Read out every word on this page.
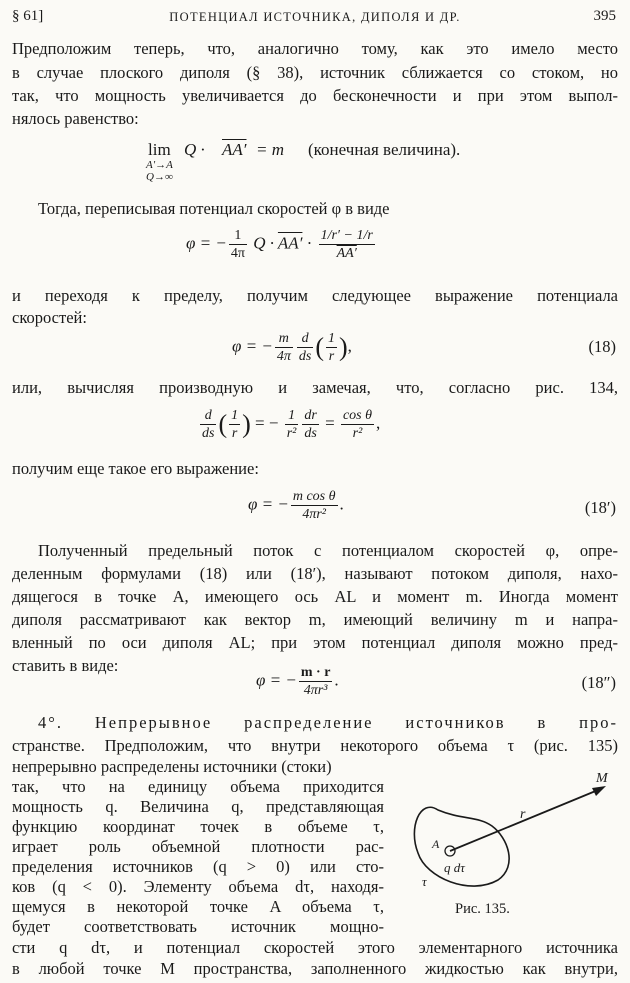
§ 61]	ПОТЕНЦИАЛ ИСТОЧНИКА, ДИПОЛЯ И ДР.	395
Предположим теперь, что, аналогично тому, как это имело место
в случае плоского диполя (§ 38), источник сближается со стоком, но
так, что мощность увеличивается до бесконечности и при этом выпол-
нялось равенство:
lim
A′→A
Q→∞
Q · AA′ = m (конечная величина).
Тогда, переписывая потенциал скоростей φ в виде
φ = − $\frac{1}{4\pi}$ $Q \cdot AA' \cdot \frac{1/r' - 1/r}{AA'}$
и переходя к пределу, получим следующее выражение потенциала
скоростей:
φ = − $\frac{m}{4\pi} \frac{d}{ds}$ ( $\frac{1}{r}$ ),	(18)
или, вычисляя производную и замечая, что, согласно рис. 134,
$\frac{d}{ds}$ ( $\frac{1}{r}$ ) = − $\frac{1}{\text{r²}} \frac{dr}{ds} = \frac{\text{cos θ}}{\text{r²}}$ ,
получим еще такое его выражение:
φ = − $\frac{\text{m cos θ}}{\text{4πr²}}$ .	(18′)
Полученный предельный поток с потенциалом скоростей φ, опре-
деленным формулами (18) или (18′), называют потоком диполя, нахо-
дящегося в точке A, имеющего ось AL и момент m. Иногда момент
диполя рассматривают как вектор m, имеющий величину m и напра-
вленный по оси диполя AL; при этом потенциал диполя можно пред-
ставить в виде:
φ = − $\frac{m \cdot r}{\text{4πr³}}$ .	(18″)
4°. Непрерывное распределение источников в про-
странстве. Предположим, что внутри некоторого объема τ (рис. 135)
непрерывно распределены источники (стоки)
так, что на единицу объема приходится
мощность q. Величина q, представляющая
функцию координат точек в объеме τ,
играет роль объемной плотности рас-
пределения источников (q > 0) или сто-
ков (q < 0). Элементу объема dτ, находя-
щемуся в некоторой точке A объема τ,
будет соответствовать источник мощно-
M
r
A
q dτ
τ
Рис. 135.
сти q dτ, и потенциал скоростей этого элементарного источника
в любой точке M пространства, заполненного жидкостью как внутри,
